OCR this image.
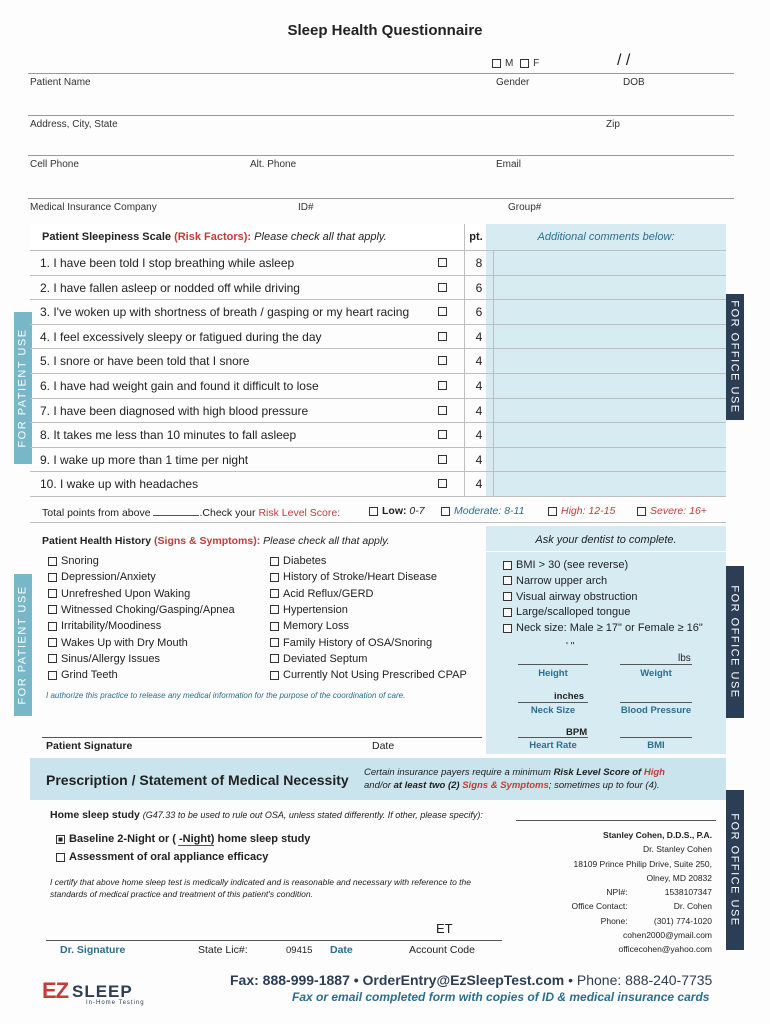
Sleep Health Questionnaire
M F	/ /
Patient Name	Gender	DOB
Address, City, State	Zip
Cell Phone	Alt. Phone	Email
Medical Insurance Company	ID#	Group#
FOR PATIENT USE
FOR PATIENT USE
FOR OFFICE USE
FOR OFFICE USE
FOR OFFICE USE
Patient Sleepiness Scale (Risk Factors): Please check all that apply.	pt.	Additional comments below:
1. I have been told I stop breathing while asleep	8
2. I have fallen asleep or nodded off while driving	6
3. I've woken up with shortness of breath / gasping or my heart racing	6
4. I feel excessively sleepy or fatigued during the day	4
5. I snore or have been told that I snore	4
6. I have had weight gain and found it difficult to lose	4
7. I have been diagnosed with high blood pressure	4
8. It takes me less than 10 minutes to fall asleep	4
9. I wake up more than 1 time per night	4
10. I wake up with headaches	4
Total points from above	.Check your Risk Level Score:	Low: 0-7	Moderate: 8-11	High: 12-15	Severe: 16+
Patient Health History (Signs & Symptoms): Please check all that apply.	Ask your dentist to complete.
Snoring
Depression/Anxiety
Unrefreshed Upon Waking
Witnessed Choking/Gasping/Apnea
Irritability/Moodiness
Wakes Up with Dry Mouth
Sinus/Allergy Issues
Grind Teeth
Diabetes
History of Stroke/Heart Disease
Acid Reflux/GERD
Hypertension
Memory Loss
Family History of OSA/Snoring
Deviated Septum
Currently Not Using Prescribed CPAP
BMI > 30 (see reverse)
Narrow upper arch
Visual airway obstruction
Large/scalloped tongue
Neck size: Male ≥ 17" or Female ≥ 16"
I authorize this practice to release any medical information for the purpose of the coordination of care.
' "
lbs
Height	Weight
inches
Neck Size	Blood Pressure
BPM
Heart Rate	BMI
Patient Signature	Date
Prescription / Statement of Medical Necessity Certain insurance payers require a minimum Risk Level Score of High
and/or at least two (2) Signs & Symptoms; sometimes up to four (4).
Home sleep study (G47.33 to be used to rule out OSA, unless stated differently. If other, please specify):
Baseline 2-Night or ( -Night) home sleep study
Assessment of oral appliance efficacy
I certify that above home sleep test is medically indicated and is reasonable and necessary with reference to the standards of medical practice and treatment of this patient's condition.
Stanley Cohen, D.D.S., P.A.
Dr. Stanley Cohen
18109 Prince Philip Drive, Suite 250,
Olney, MD 20832
NPI#:	1538107347
Office Contact:	Dr. Cohen
Phone:	(301) 774-1020
cohen2000@ymail.com
officecohen@yahoo.com
ET
Dr. Signature	State Lic#:	09415 Date	Account Code
EZ SLEEP
In-Home Testing
Fax: 888-999-1887 • OrderEntry@EzSleepTest.com • Phone: 888-240-7735
Fax or email completed form with copies of ID & medical insurance cards
